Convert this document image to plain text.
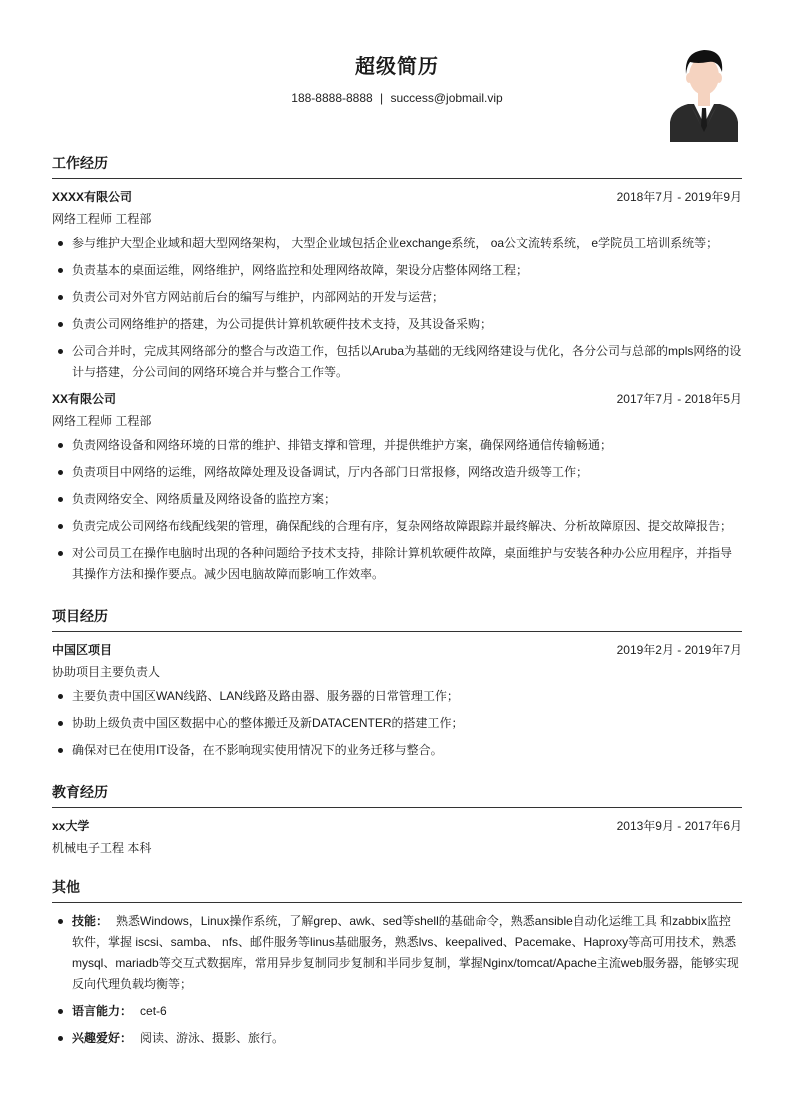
超级简历
188-8888-8888 | success@jobmail.vip
工作经历
XXXX有限公司	2018年7月 - 2019年9月
网络工程师 工程部
参与维护大型企业域和超大型网络架构， 大型企业域包括企业exchange系统， oa公文流转系统， e学院员工培训系统等；
负责基本的桌面运维，网络维护，网络监控和处理网络故障，架设分店整体网络工程；
负责公司对外官方网站前后台的编写与维护，内部网站的开发与运营；
负责公司网络维护的搭建，为公司提供计算机软硬件技术支持，及其设备采购；
公司合并时，完成其网络部分的整合与改造工作，包括以Aruba为基础的无线网络建设与优化，各分公司与总部的mpls网络的设计与搭建，分公司间的网络环境合并与整合工作等。
XX有限公司	2017年7月 - 2018年5月
网络工程师 工程部
负责网络设备和网络环境的日常的维护、排错支撑和管理，并提供维护方案，确保网络通信传输畅通；
负责项目中网络的运维，网络故障处理及设备调试，厅内各部门日常报修，网络改造升级等工作；
负责网络安全、网络质量及网络设备的监控方案；
负责完成公司网络布线配线架的管理，确保配线的合理有序，复杂网络故障跟踪并最终解决、分析故障原因、提交故障报告；
对公司员工在操作电脑时出现的各种问题给予技术支持，排除计算机软硬件故障，桌面维护与安装各种办公应用程序，并指导其操作方法和操作要点。减少因电脑故障而影响工作效率。
项目经历
中国区项目	2019年2月 - 2019年7月
协助项目主要负责人
主要负责中国区WAN线路、LAN线路及路由器、服务器的日常管理工作；
协助上级负责中国区数据中心的整体搬迁及新DATACENTER的搭建工作；
确保对已在使用IT设备，在不影响现实使用情况下的业务迁移与整合。
教育经历
xx大学	2013年9月 - 2017年6月
机械电子工程 本科
其他
技能： 熟悉Windows，Linux操作系统，了解grep、awk、sed等shell的基础命令，熟悉ansible自动化运维工具 和zabbix监控软件，掌握 iscsi、samba、 nfs、邮件服务等linus基础服务，熟悉lvs、keepalived、Pacemake、Haproxy等高可用技术，熟悉mysql、mariadb等交互式数据库，常用异步复制同步复制和半同步复制，掌握Nginx/tomcat/Apache主流web服务器，能够实现反向代理负载均衡等；
语言能力： cet-6
兴趣爱好： 阅读、游泳、摄影、旅行。
